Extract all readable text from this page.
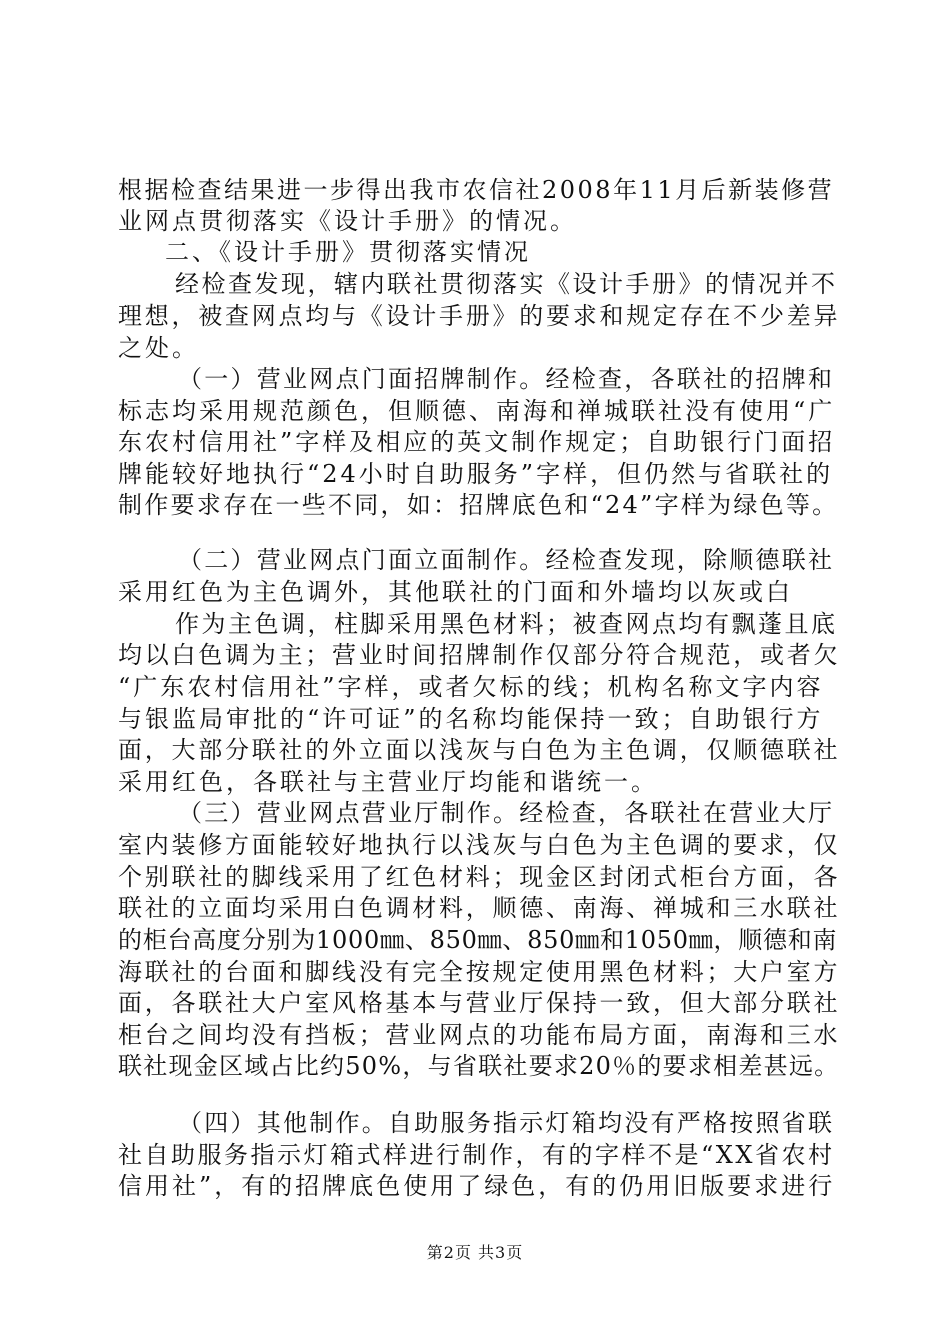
根据检查结果进一步得出我市农信社2008年11月后新装修营
业网点贯彻落实《设计手册》的情况。
二、《设计手册》贯彻落实情况
经检查发现，辖内联社贯彻落实《设计手册》的情况并不
理想，被查网点均与《设计手册》的要求和规定存在不少差异
之处。
（一）营业网点门面招牌制作。经检查，各联社的招牌和
标志均采用规范颜色，但顺德、南海和禅城联社没有使用“广
东农村信用社”字样及相应的英文制作规定；自助银行门面招
牌能较好地执行“24小时自助服务”字样，但仍然与省联社的
制作要求存在一些不同，如：招牌底色和“24”字样为绿色等。
（二）营业网点门面立面制作。经检查发现，除顺德联社
采用红色为主色调外，其他联社的门面和外墙均以灰或白
作为主色调，柱脚采用黑色材料；被查网点均有飘蓬且底
均以白色调为主；营业时间招牌制作仅部分符合规范，或者欠
“广东农村信用社”字样，或者欠标的线；机构名称文字内容
与银监局审批的“许可证”的名称均能保持一致；自助银行方
面，大部分联社的外立面以浅灰与白色为主色调，仅顺德联社
采用红色，各联社与主营业厅均能和谐统一。
（三）营业网点营业厅制作。经检查，各联社在营业大厅
室内装修方面能较好地执行以浅灰与白色为主色调的要求，仅
个别联社的脚线采用了红色材料；现金区封闭式柜台方面，各
联社的立面均采用白色调材料，顺德、南海、禅城和三水联社
的柜台高度分别为1000㎜、850㎜、850㎜和1050㎜，顺德和南
海联社的台面和脚线没有完全按规定使用黑色材料；大户室方
面，各联社大户室风格基本与营业厅保持一致，但大部分联社
柜台之间均没有挡板；营业网点的功能布局方面，南海和三水
联社现金区域占比约50%，与省联社要求20％的要求相差甚远。
（四）其他制作。自助服务指示灯箱均没有严格按照省联
社自助服务指示灯箱式样进行制作，有的字样不是“XX省农村
信用社”，有的招牌底色使用了绿色，有的仍用旧版要求进行
第2页 共3页
